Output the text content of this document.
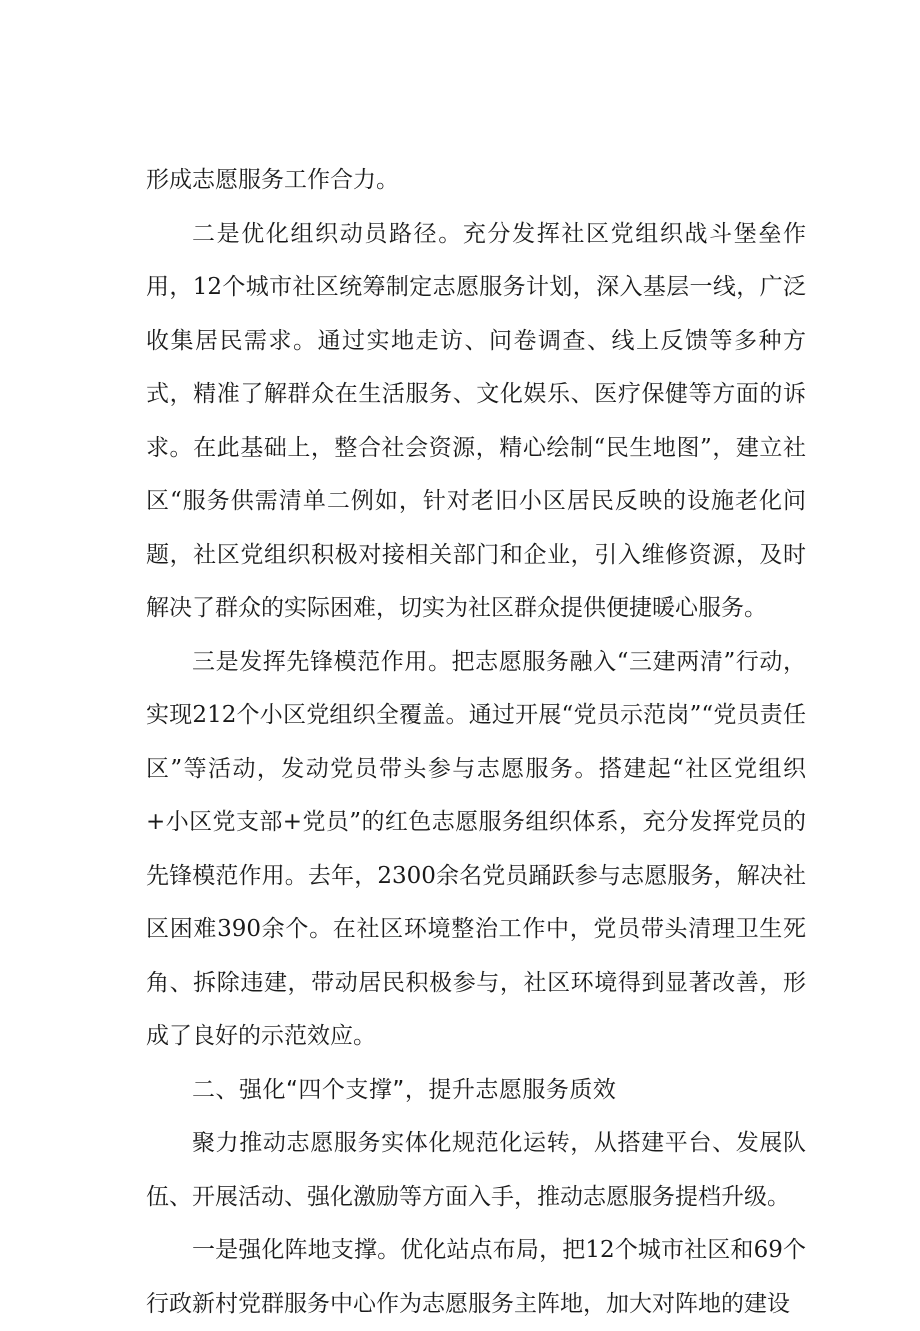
形成志愿服务工作合力。

二是优化组织动员路径。充分发挥社区党组织战斗堡垒作用，12个城市社区统筹制定志愿服务计划，深入基层一线，广泛收集居民需求。通过实地走访、问卷调查、线上反馈等多种方式，精准了解群众在生活服务、文化娱乐、医疗保健等方面的诉求。在此基础上，整合社会资源，精心绘制“民生地图”，建立社区“服务供需清单二例如，针对老旧小区居民反映的设施老化问题，社区党组织积极对接相关部门和企业，引入维修资源，及时解决了群众的实际困难，切实为社区群众提供便捷暖心服务。

三是发挥先锋模范作用。把志愿服务融入“三建两清”行动，实现212个小区党组织全覆盖。通过开展“党员示范岗”“党员责任区”等活动，发动党员带头参与志愿服务。搭建起“社区党组织+小区党支部+党员”的红色志愿服务组织体系，充分发挥党员的先锋模范作用。去年，2300余名党员踊跃参与志愿服务，解决社区困难390余个。在社区环境整治工作中，党员带头清理卫生死角、拆除违建，带动居民积极参与，社区环境得到显著改善，形成了良好的示范效应。

二、强化“四个支撑”，提升志愿服务质效

聚力推动志愿服务实体化规范化运转，从搭建平台、发展队伍、开展活动、强化激励等方面入手，推动志愿服务提档升级。

一是强化阵地支撑。优化站点布局，把12个城市社区和69个行政新村党群服务中心作为志愿服务主阵地，加大对阵地的建设
